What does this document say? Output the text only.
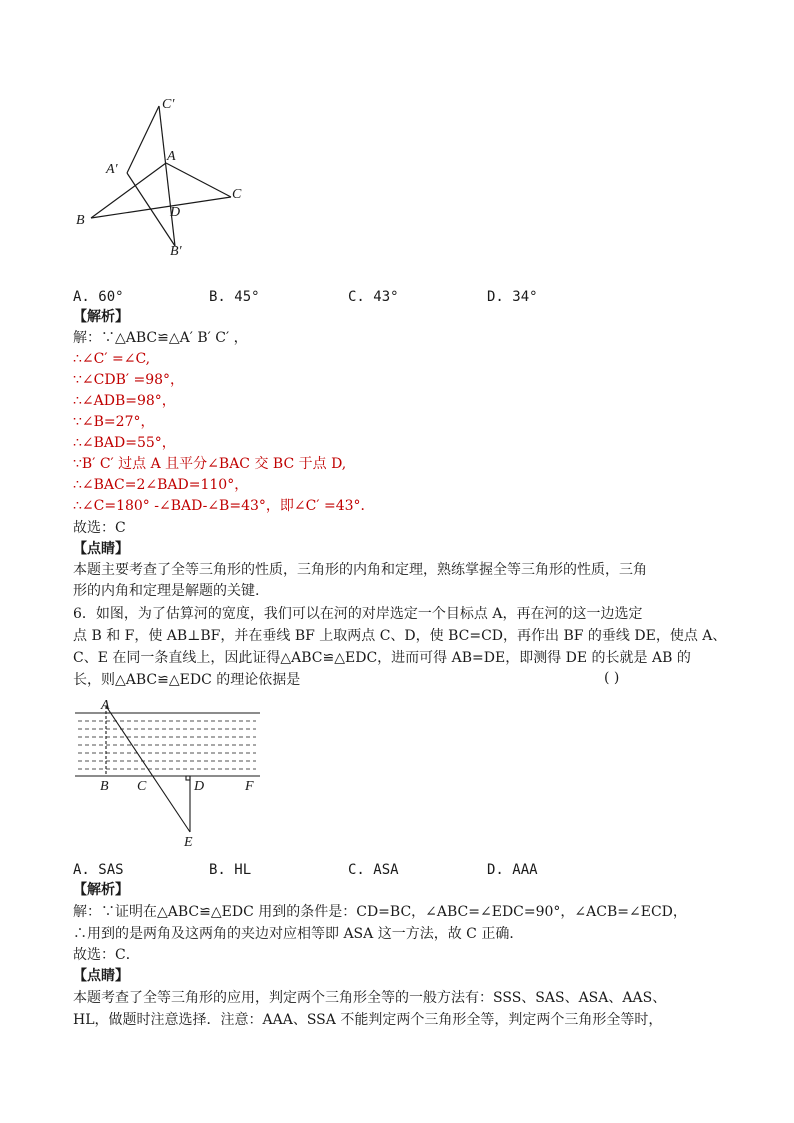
C′
A′
A
C
B
D
B′
A. 60°	B. 45°	C. 43°	D. 34°
【解析】
解：∵△ABC≌△A′ B′ C′ ，
∴∠C′ =∠C,
∵∠CDB′ =98°，
∴∠ADB=98°，
∵∠B=27°，
∴∠BAD=55°，
∵B′ C′ 过点 A 且平分∠BAC 交 BC 于点 D,
∴∠BAC=2∠BAD=110°，
∴∠C=180° -∠BAD-∠B=43°，即∠C′ =43°．
故选：C
【点睛】
本题主要考查了全等三角形的性质，三角形的内角和定理，熟练掌握全等三角形的性质，三角
形的内角和定理是解题的关键.
6．如图，为了估算河的宽度，我们可以在河的对岸选定一个目标点 A，再在河的这一边选定
点 B 和 F，使 AB⊥BF，并在垂线 BF 上取两点 C、D，使 BC=CD，再作出 BF 的垂线 DE，使点 A、
C、E 在同一条直线上，因此证得△ABC≌△EDC，进而可得 AB=DE，即测得 DE 的长就是 AB 的
长，则△ABC≌△EDC 的理论依据是	( )
A
B C	D	F
E
A. SAS	B. HL	C. ASA	D. AAA
【解析】
解：∵证明在△ABC≌△EDC 用到的条件是：CD=BC，∠ABC=∠EDC=90°，∠ACB=∠ECD，
∴用到的是两角及这两角的夹边对应相等即 ASA 这一方法，故 C 正确．
故选：C．
【点睛】
本题考查了全等三角形的应用，判定两个三角形全等的一般方法有：SSS、SAS、ASA、AAS、
HL，做题时注意选择．注意：AAA、SSA 不能判定两个三角形全等，判定两个三角形全等时，
